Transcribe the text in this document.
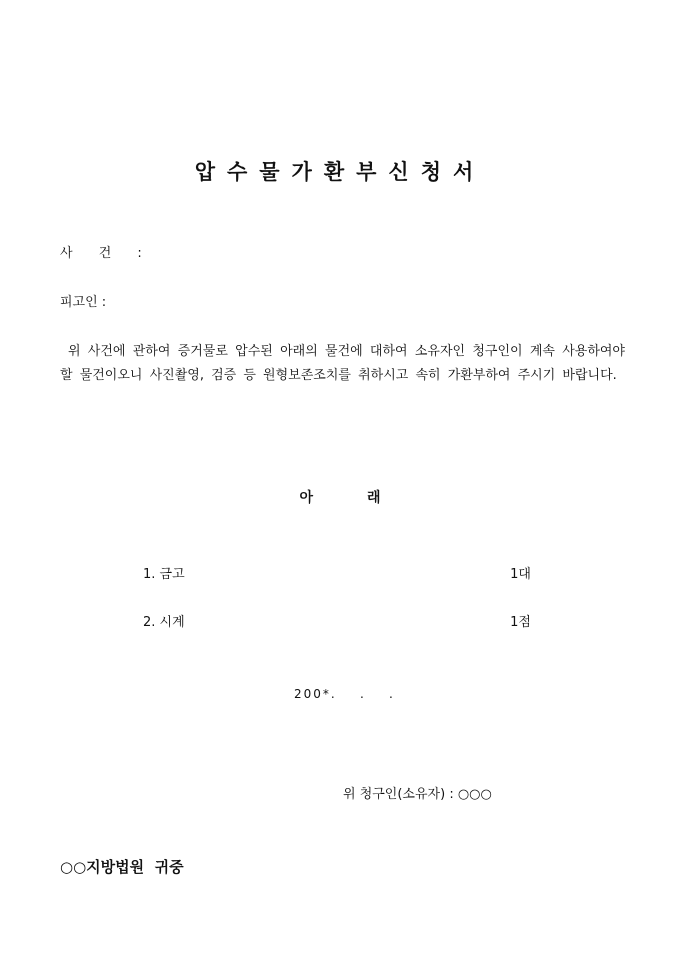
압수물가환부신청서
사 건 :
피고인 :
위 사건에 관하여 증거물로 압수된 아래의 물건에 대하여 소유자인 청구인이 계속 사용하여야 할 물건이오니 사진촬영, 검증 등 원형보존조치를 취하시고 속히 가환부하여 주시기 바랍니다.
아	래
1. 금고	1대
2. 시계	1점
200*.    .    .
위 청구인(소유자) : ○○○
○○지방법원  귀중
